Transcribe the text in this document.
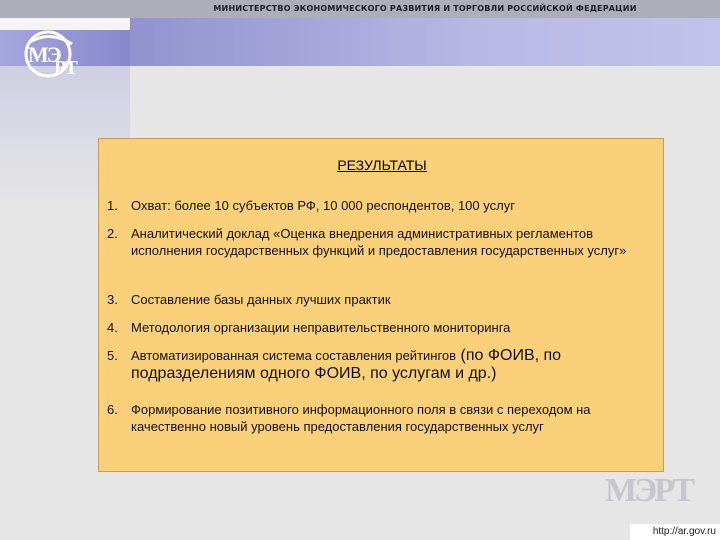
МИНИСТЕРСТВО ЭКОНОМИЧЕСКОГО РАЗВИТИЯ И ТОРГОВЛИ РОССИЙСКОЙ ФЕДЕРАЦИИ
МЭ
РТ
РЕЗУЛЬТАТЫ
1. Охват: более 10 субъектов РФ, 10 000 респондентов, 100 услуг
2. Аналитический доклад «Оценка внедрения административных регламентов исполнения государственных функций и предоставления государственных услуг»
3. Составление базы данных лучших практик
4. Методология организации неправительственного мониторинга
5. Автоматизированная система составления рейтингов (по ФОИВ, по подразделениям одного ФОИВ, по услугам и др.)
6. Формирование позитивного информационного поля в связи с переходом на качественно новый уровень предоставления государственных услуг
МЭРТ
http://ar.gov.ru
